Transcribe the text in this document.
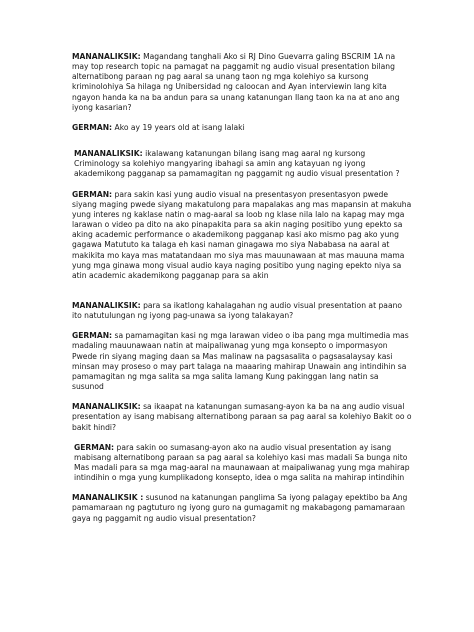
MANANALIKSIK: Magandang tanghali Ako si RJ Dino Guevarra galing BSCRIM 1A na may top research topic na pamagat na paggamit ng audio visual presentation bilang alternatibong paraan ng pag aaral sa unang taon ng mga kolehiyo sa kursong kriminolohiya Sa hilaga ng Unibersidad ng caloocan and Ayan interviewin lang kita ngayon handa ka na ba andun para sa unang katanungan Ilang taon ka na at ano ang iyong kasarian?

GERMAN: Ako ay 19 years old at isang lalaki

MANANALIKSIK: ikalawang katanungan bilang isang mag aaral ng kursong Criminology sa kolehiyo mangyaring ibahagi sa amin ang katayuan ng iyong akademikong pagganap sa pamamagitan ng paggamit ng audio visual presentation ?

GERMAN: para sakin kasi yung audio visual na presentasyon presentasyon pwede siyang maging pwede siyang makatulong para mapalakas ang mas mapansin at makuha yung interes ng kaklase natin o mag-aaral sa loob ng klase nila lalo na kapag may mga larawan o video pa dito na ako pinapakita para sa akin naging positibo yung epekto sa aking academic performance o akademikong pagganap kasi ako mismo pag ako yung gagawa Matututo ka talaga eh kasi naman ginagawa mo siya Nababasa na aaral at makikita mo kaya mas matatandaan mo siya mas mauunawaan at mas mauuna mama yung mga ginawa mong visual audio kaya naging positibo yung naging epekto niya sa atin academic akademikong pagganap para sa akin

MANANALIKSIK: para sa ikatlong kahalagahan ng audio visual presentation at paano ito natutulungan ng iyong pag-unawa sa iyong talakayan?

GERMAN: sa pamamagitan kasi ng mga larawan video o iba pang mga multimedia mas madaling mauunawaan natin at maipaliwanag yung mga konsepto o impormasyon Pwede rin siyang maging daan sa Mas malinaw na pagsasalita o pagsasalaysay kasi minsan may proseso o may part talaga na maaaring mahirap Unawain ang intindihin sa pamamagitan ng mga salita sa mga salita lamang Kung pakinggan lang natin sa susunod

MANANALIKSIK: sa ikaapat na katanungan sumasang-ayon ka ba na ang audio visual presentation ay isang mabisang alternatibong paraan sa pag aaral sa kolehiyo Bakit oo o bakit hindi?

GERMAN: para sakin oo sumasang-ayon ako na audio visual presentation ay isang mabisang alternatibong paraan sa pag aaral sa kolehiyo kasi mas madali Sa bunga nito Mas madali para sa mga mag-aaral na maunawaan at maipaliwanag yung mga mahirap intindihin o mga yung kumplikadong konsepto, idea o mga salita na mahirap intindihin

MANANALIKSIK : susunod na katanungan panglima Sa iyong palagay epektibo ba Ang pamamaraan ng pagtuturo ng iyong guro na gumagamit ng makabagong pamamaraan gaya ng paggamit ng audio visual presentation?
